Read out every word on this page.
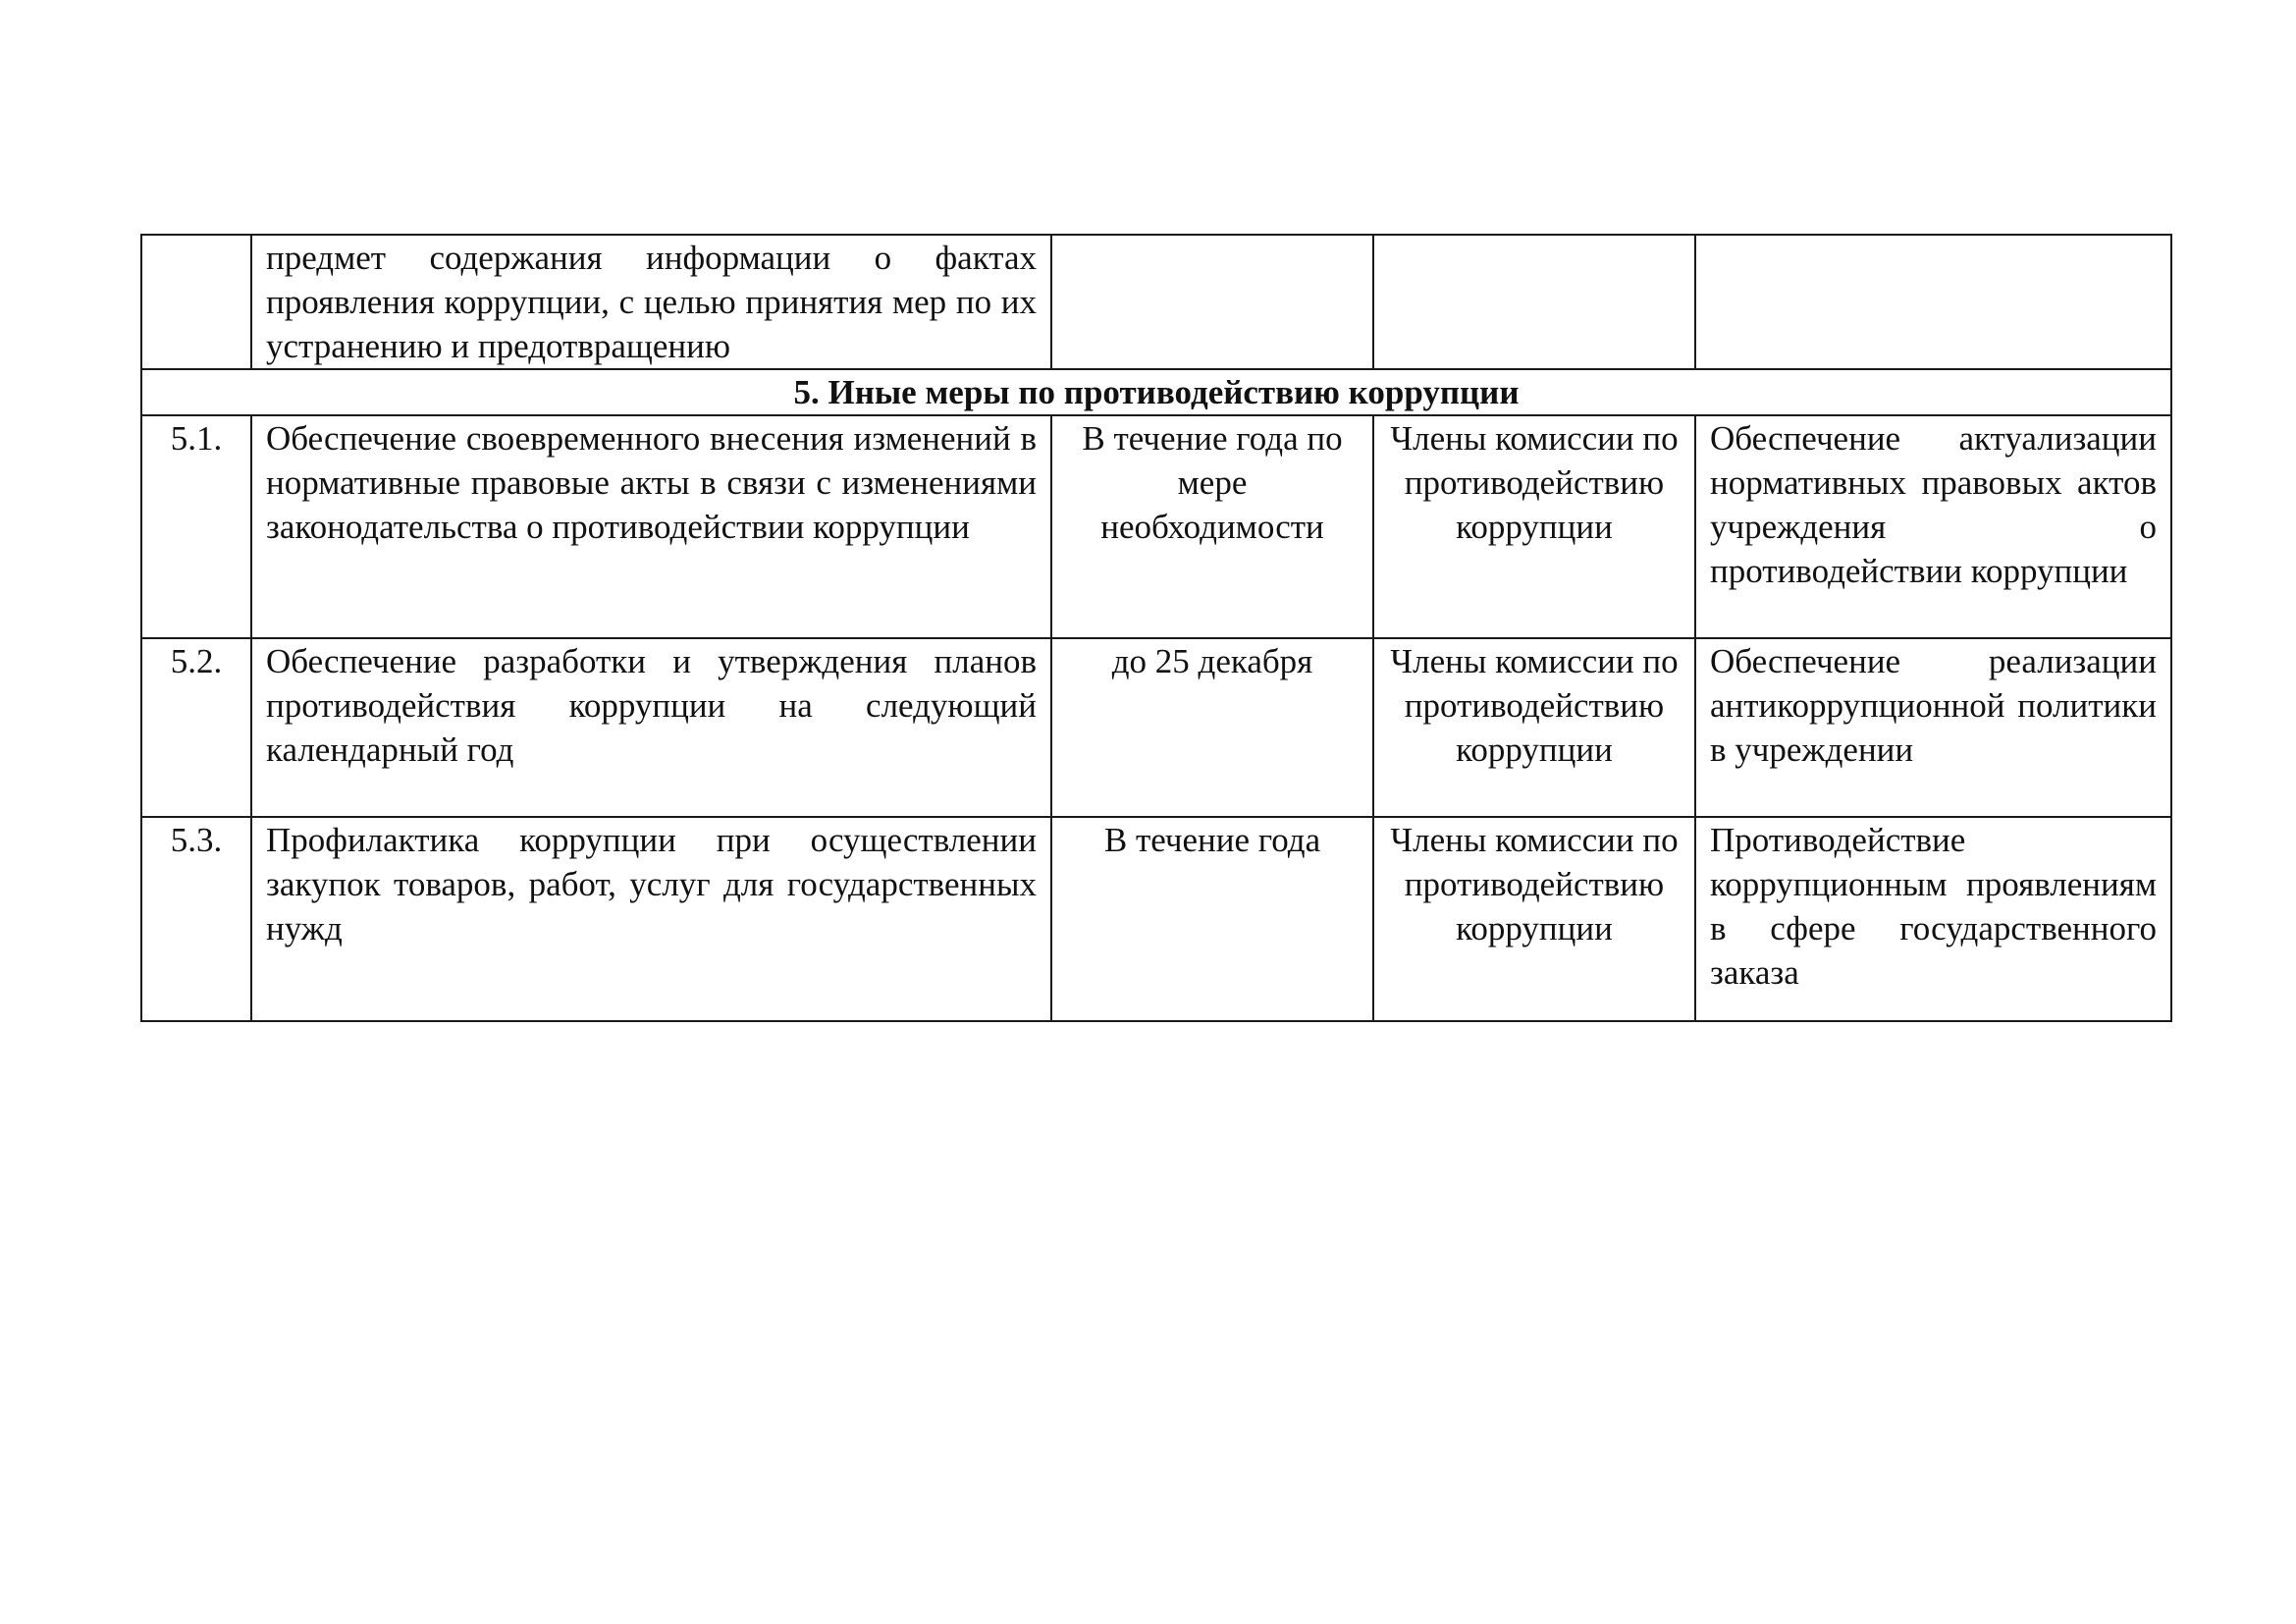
	предмет содержания информации о фактах проявления коррупции, с целью принятия мер по их устранению и предотвращению			
5. Иные меры по противодействию коррупции				
5.1.	Обеспечение своевременного внесения изменений в нормативные правовые акты в связи с изменениями законодательства о противодействии коррупции	В течение года по мере необходимости	Члены комиссии по противодействию коррупции	Обеспечение актуализации нормативных правовых актов учреждения о противодействии коррупции
5.2.	Обеспечение разработки и утверждения планов противодействия коррупции на следующий календарный год	до 25 декабря	Члены комиссии по противодействию коррупции	Обеспечение реализации антикоррупционной политики в учреждении
5.3.	Профилактика коррупции при осуществлении закупок товаров, работ, услуг для государственных нужд	В течение года	Члены комиссии по противодействию коррупции	Противодействие коррупционным проявлениям в сфере государственного заказа
